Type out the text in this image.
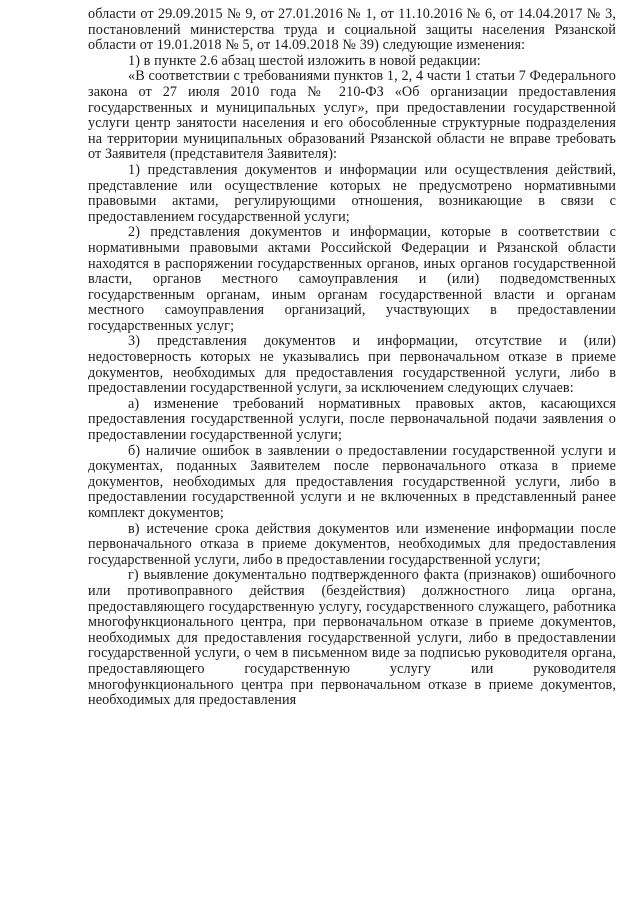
области от 29.09.2015 № 9, от 27.01.2016 № 1, от 11.10.2016 № 6, от 14.04.2017 № 3, постановлений министерства труда и социальной защиты населения Рязанской области от 19.01.2018 № 5, от 14.09.2018 № 39) следующие изменения:

1) в пункте 2.6 абзац шестой изложить в новой редакции:

«В соответствии с требованиями пунктов 1, 2, 4 части 1 статьи 7 Федерального закона от 27 июля 2010 года № 210-ФЗ «Об организации предоставления государственных и муниципальных услуг», при предоставлении государственной услуги центр занятости населения и его обособленные структурные подразделения на территории муниципальных образований Рязанской области не вправе требовать от Заявителя (представителя Заявителя):

1) представления документов и информации или осуществления действий, представление или осуществление которых не предусмотрено нормативными правовыми актами, регулирующими отношения, возникающие в связи с предоставлением государственной услуги;

2) представления документов и информации, которые в соответствии с нормативными правовыми актами Российской Федерации и Рязанской области находятся в распоряжении государственных органов, иных органов государственной власти, органов местного самоуправления и (или) подведомственных государственным органам, иным органам государственной власти и органам местного самоуправления организаций, участвующих в предоставлении государственных услуг;

3) представления документов и информации, отсутствие и (или) недостоверность которых не указывались при первоначальном отказе в приеме документов, необходимых для предоставления государственной услуги, либо в предоставлении государственной услуги, за исключением следующих случаев:

а) изменение требований нормативных правовых актов, касающихся предоставления государственной услуги, после первоначальной подачи заявления о предоставлении государственной услуги;

б) наличие ошибок в заявлении о предоставлении государственной услуги и документах, поданных Заявителем после первоначального отказа в приеме документов, необходимых для предоставления государственной услуги, либо в предоставлении государственной услуги и не включенных в представленный ранее комплект документов;

в) истечение срока действия документов или изменение информации после первоначального отказа в приеме документов, необходимых для предоставления государственной услуги, либо в предоставлении государственной услуги;

г) выявление документально подтвержденного факта (признаков) ошибочного или противоправного действия (бездействия) должностного лица органа, предоставляющего государственную услугу, государственного служащего, работника многофункционального центра, при первоначальном отказе в приеме документов, необходимых для предоставления государственной услуги, либо в предоставлении государственной услуги, о чем в письменном виде за подписью руководителя органа, предоставляющего государственную услугу или руководителя многофункционального центра при первоначальном отказе в приеме документов, необходимых для предоставления
